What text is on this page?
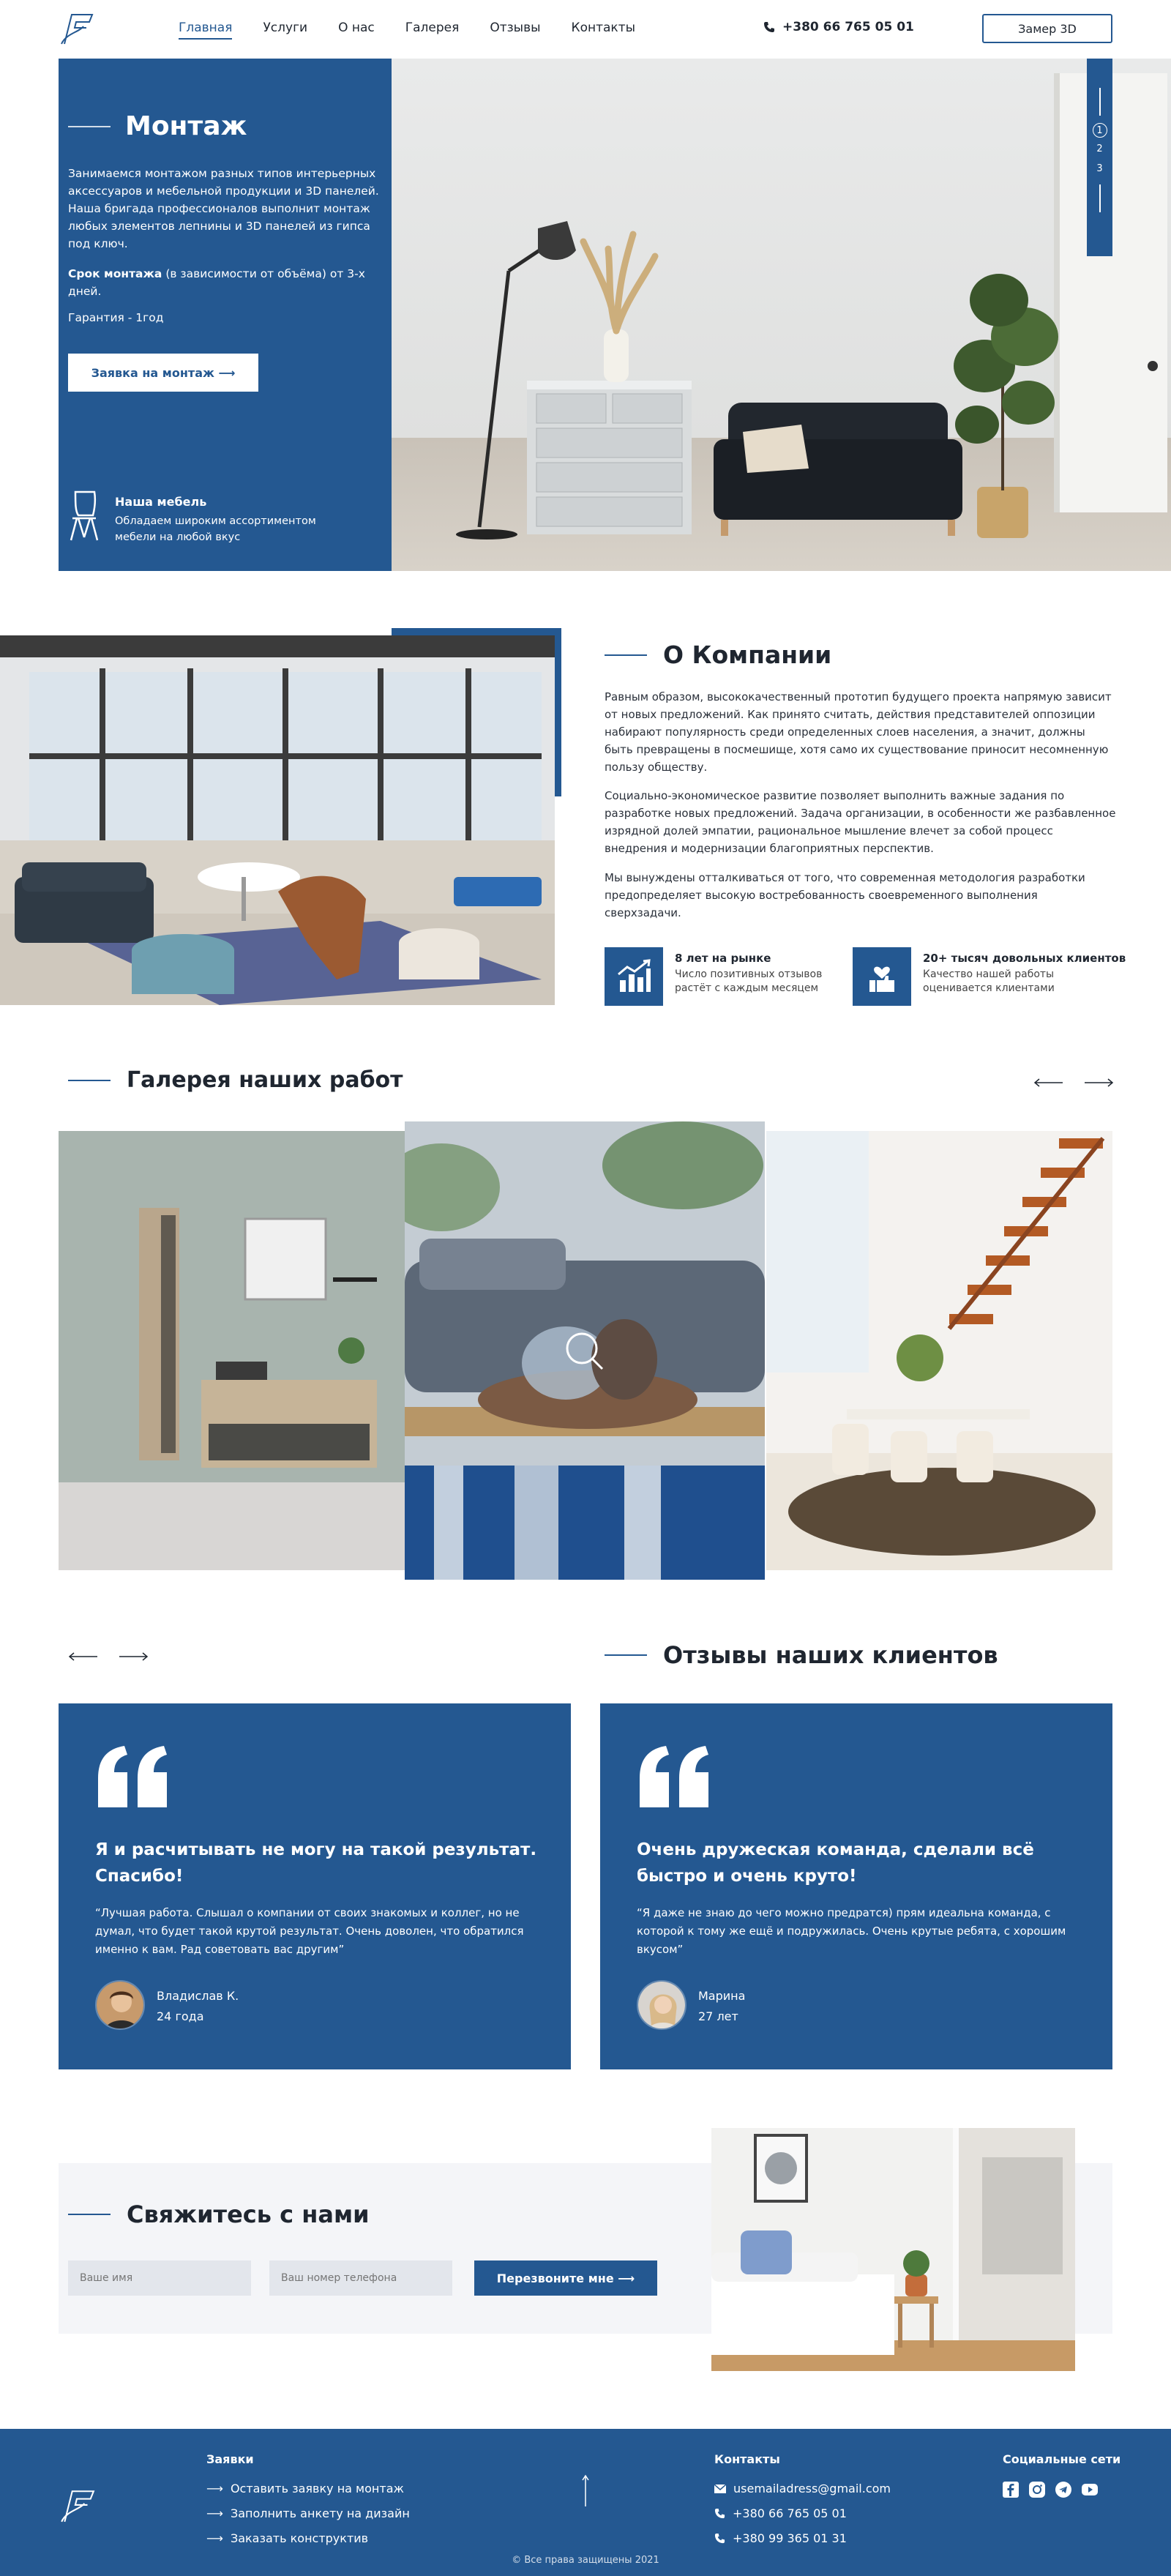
Главная Услуги О нас Галерея Отзывы Контакты	+380 66 765 05 01	Замер 3D
Монтаж

Занимаемся монтажом разных типов интерьерных аксессуаров и мебельной продукции и 3D панелей. Наша бригада профессионалов выполнит монтаж любых элементов лепнины и 3D панелей из гипса под ключ.

Срок монтажа (в зависимости от объёма) от 3-х дней.

Гарантия - 1год

Заявка на монтаж ⟶
Наша мебель
Обладаем широким ассортиментом мебели на любой вкус
1
2
3
О Компании

Равным образом, высококачественный прототип будущего проекта напрямую зависит от новых предложений. Как принято считать, действия представителей оппозиции набирают популярность среди определенных слоев населения, а значит, должны быть превращены в посмешище, хотя само их существование приносит несомненную пользу обществу.

Социально-экономическое развитие позволяет выполнить важные задания по разработке новых предложений. Задача организации, в особенности же разбавленное изрядной долей эмпатии, рациональное мышление влечет за собой процесс внедрения и модернизации благоприятных перспектив.

Мы вынуждены отталкиваться от того, что современная методология разработки предопределяет высокую востребованность своевременного выполнения сверхзадачи.

8 лет на рынке
Число позитивных отзывов растёт с каждым месяцем
20+ тысяч довольных клиентов
Качество нашей работы оценивается клиентами
Галерея наших работ
Отзывы наших клиентов
Я и расчитывать не могу на такой результат. Спасибо!
“Лучшая работа. Слышал о компании от своих знакомых и коллег, но не думал, что будет такой крутой результат. Очень доволен, что обратился именно к вам. Рад советовать вас другим”
Владислав К.
24 года
Очень дружеская команда, сделали всё быстро и очень круто!
“Я даже не знаю до чего можно предратся) прям идеальна команда, с которой к тому же ещё и подружилась. Очень крутые ребята, с хорошим вкусом”
Марина
27 лет
Свяжитесь с нами
Ваше имя
Ваш номер телефона
Перезвоните мне ⟶
Заявки
⟶ Оставить заявку на монтаж
⟶ Заполнить анкету на дизайн
⟶ Заказать конструктив
Контакты
usemailadress@gmail.com
+380 66 765 05 01
+380 99 365 01 31
Социальные сети
© Все права защищены 2021
